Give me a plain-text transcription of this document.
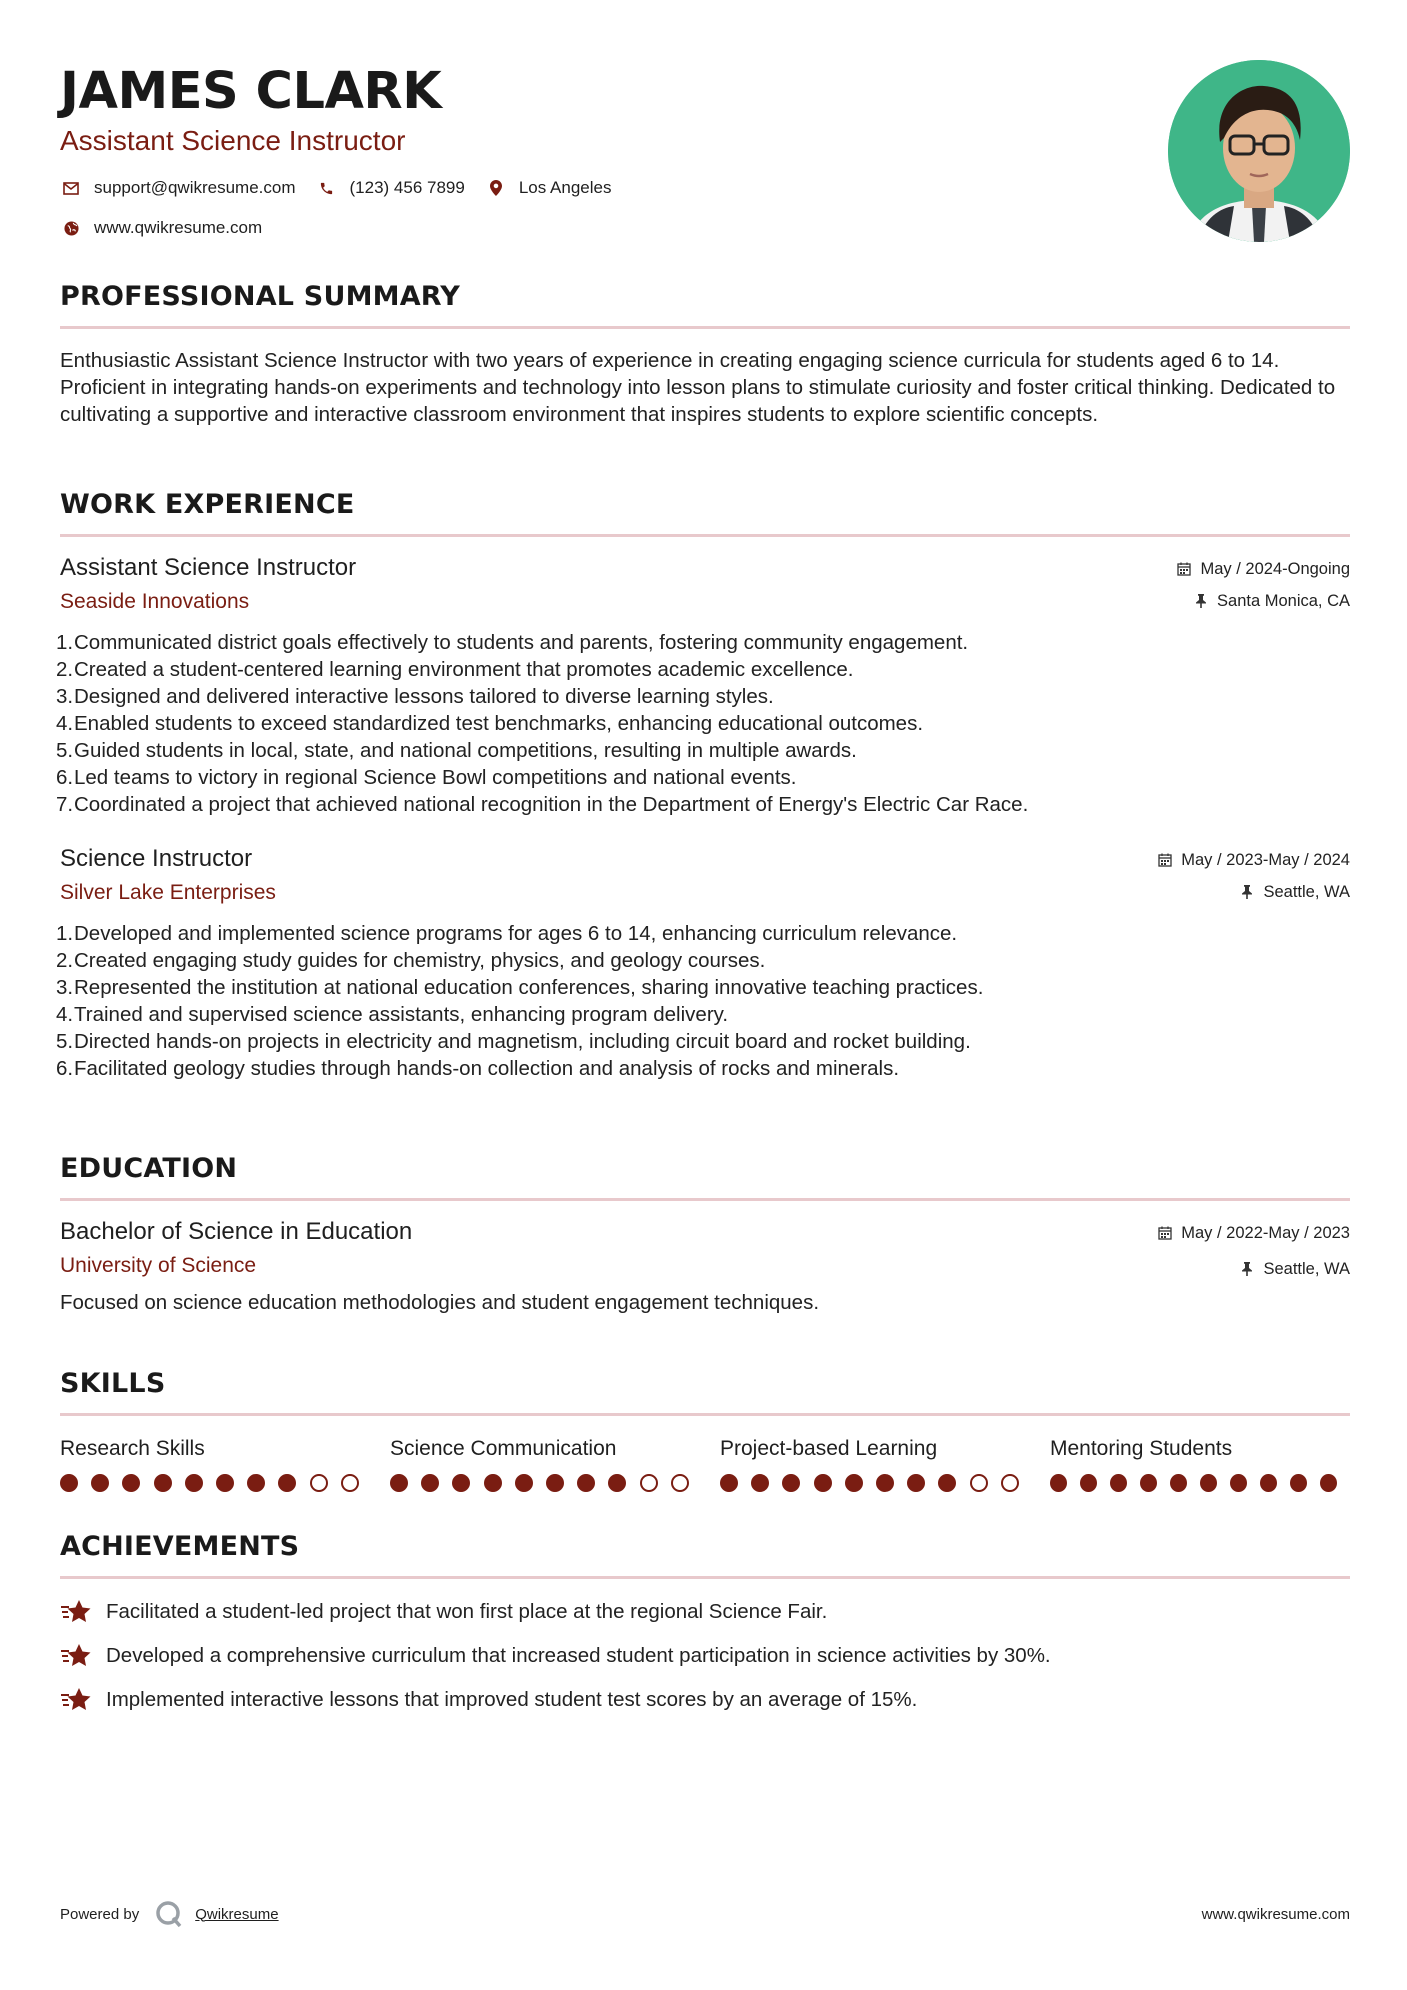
JAMES CLARK
Assistant Science Instructor
support@qwikresume.com	(123) 456 7899	Los Angeles
www.qwikresume.com
PROFESSIONAL SUMMARY

Enthusiastic Assistant Science Instructor with two years of experience in creating engaging science curricula for students aged 6 to 14. Proficient in integrating hands-on experiments and technology into lesson plans to stimulate curiosity and foster critical thinking. Dedicated to cultivating a supportive and interactive classroom environment that inspires students to explore scientific concepts.

WORK EXPERIENCE
Assistant Science Instructor
Seaside Innovations
May / 2024-Ongoing
Santa Monica, CA
1. Communicated district goals effectively to students and parents, fostering community engagement.
2. Created a student-centered learning environment that promotes academic excellence.
3. Designed and delivered interactive lessons tailored to diverse learning styles.
4. Enabled students to exceed standardized test benchmarks, enhancing educational outcomes.
5. Guided students in local, state, and national competitions, resulting in multiple awards.
6. Led teams to victory in regional Science Bowl competitions and national events.
7. Coordinated a project that achieved national recognition in the Department of Energy's Electric Car Race.
Science Instructor
Silver Lake Enterprises
May / 2023-May / 2024
Seattle, WA
1. Developed and implemented science programs for ages 6 to 14, enhancing curriculum relevance.
2. Created engaging study guides for chemistry, physics, and geology courses.
3. Represented the institution at national education conferences, sharing innovative teaching practices.
4. Trained and supervised science assistants, enhancing program delivery.
5. Directed hands-on projects in electricity and magnetism, including circuit board and rocket building.
6. Facilitated geology studies through hands-on collection and analysis of rocks and minerals.
EDUCATION
Bachelor of Science in Education
University of Science
May / 2022-May / 2023
Seattle, WA

Focused on science education methodologies and student engagement techniques.

SKILLS
Research Skills	Science Communication	Project-based Learning	Mentoring Students
ACHIEVEMENTS
Facilitated a student-led project that won first place at the regional Science Fair.
Developed a comprehensive curriculum that increased student participation in science activities by 30%.
Implemented interactive lessons that improved student test scores by an average of 15%.
Powered by	Qwikresume	www.qwikresume.com
